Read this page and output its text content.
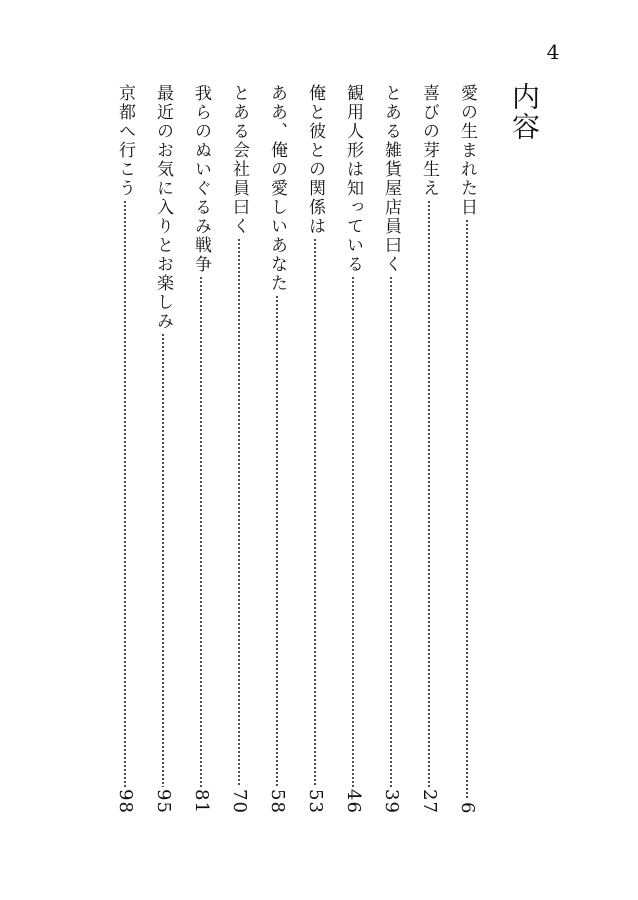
4
内容
愛の生まれた日
6
喜びの芽生え
27
とある雑貨屋店員曰く
39
観用人形は知っている
46
俺と彼との関係は
53
ああ、俺の愛しいあなた
58
とある会社員曰く
70
我らのぬいぐるみ戦争
81
最近のお気に入りとお楽しみ
95
京都へ行こう
98
